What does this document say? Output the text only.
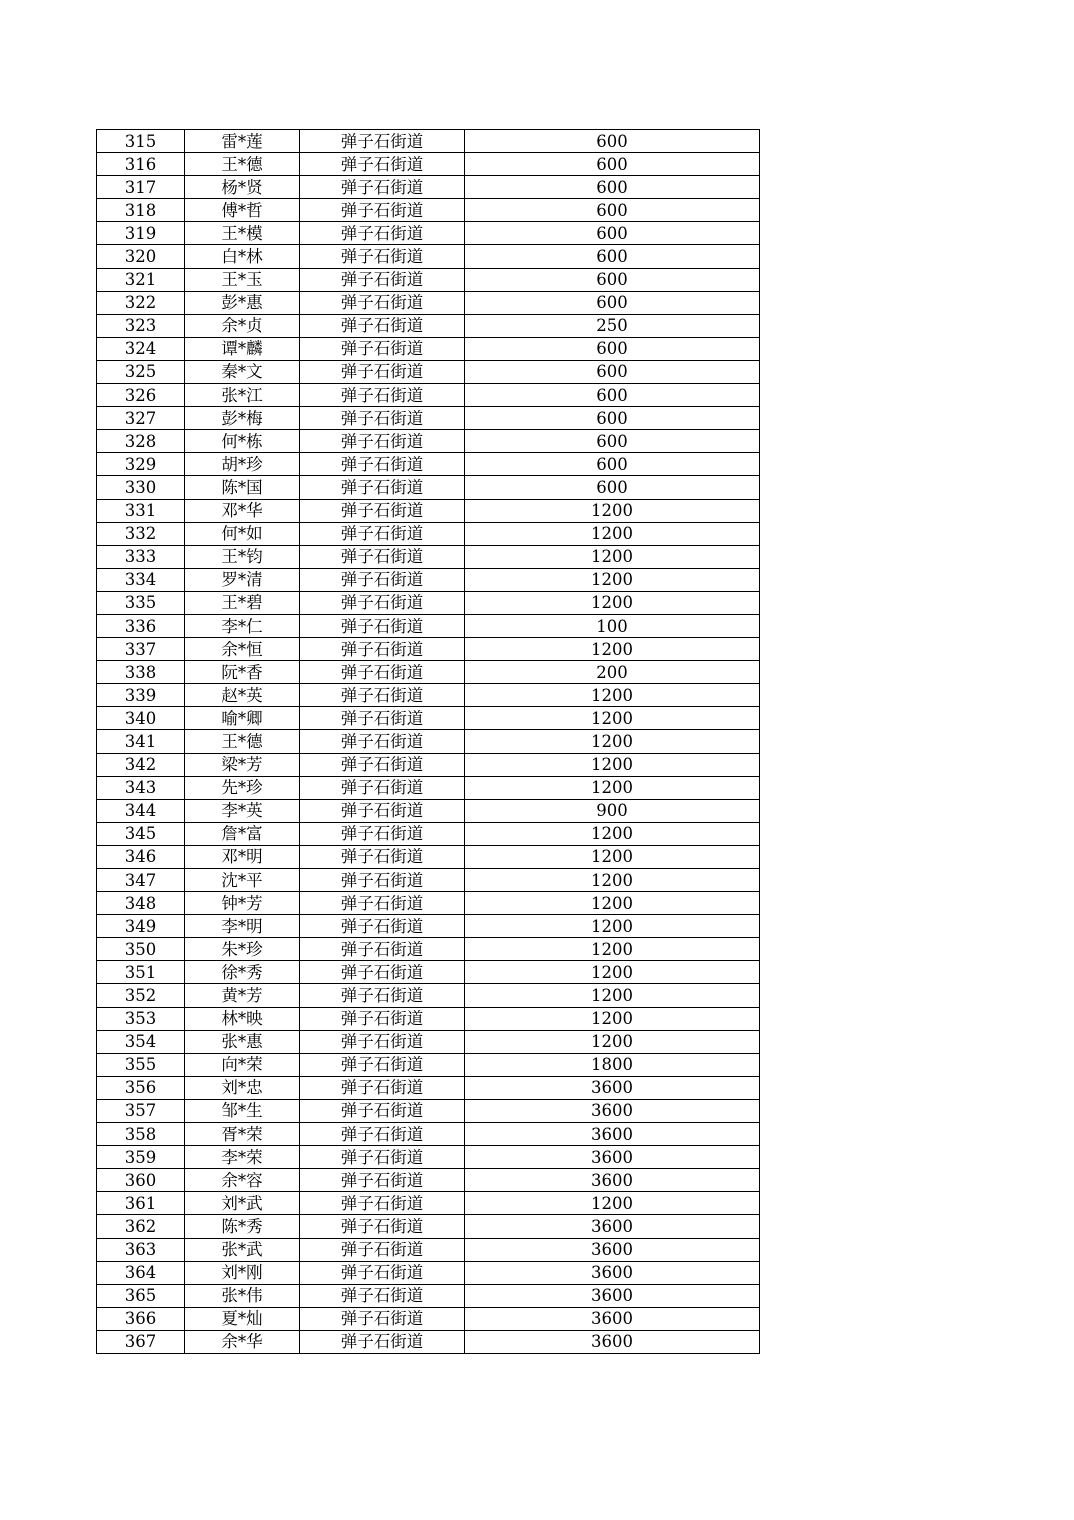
315	雷*莲	弹子石街道	600
316	王*德	弹子石街道	600
317	杨*贤	弹子石街道	600
318	傅*哲	弹子石街道	600
319	王*模	弹子石街道	600
320	白*林	弹子石街道	600
321	王*玉	弹子石街道	600
322	彭*惠	弹子石街道	600
323	余*贞	弹子石街道	250
324	谭*麟	弹子石街道	600
325	秦*文	弹子石街道	600
326	张*江	弹子石街道	600
327	彭*梅	弹子石街道	600
328	何*栋	弹子石街道	600
329	胡*珍	弹子石街道	600
330	陈*国	弹子石街道	600
331	邓*华	弹子石街道	1200
332	何*如	弹子石街道	1200
333	王*钧	弹子石街道	1200
334	罗*清	弹子石街道	1200
335	王*碧	弹子石街道	1200
336	李*仁	弹子石街道	100
337	余*恒	弹子石街道	1200
338	阮*香	弹子石街道	200
339	赵*英	弹子石街道	1200
340	喻*卿	弹子石街道	1200
341	王*德	弹子石街道	1200
342	梁*芳	弹子石街道	1200
343	先*珍	弹子石街道	1200
344	李*英	弹子石街道	900
345	詹*富	弹子石街道	1200
346	邓*明	弹子石街道	1200
347	沈*平	弹子石街道	1200
348	钟*芳	弹子石街道	1200
349	李*明	弹子石街道	1200
350	朱*珍	弹子石街道	1200
351	徐*秀	弹子石街道	1200
352	黄*芳	弹子石街道	1200
353	林*映	弹子石街道	1200
354	张*惠	弹子石街道	1200
355	向*荣	弹子石街道	1800
356	刘*忠	弹子石街道	3600
357	邹*生	弹子石街道	3600
358	胥*荣	弹子石街道	3600
359	李*荣	弹子石街道	3600
360	余*容	弹子石街道	3600
361	刘*武	弹子石街道	1200
362	陈*秀	弹子石街道	3600
363	张*武	弹子石街道	3600
364	刘*刚	弹子石街道	3600
365	张*伟	弹子石街道	3600
366	夏*灿	弹子石街道	3600
367	余*华	弹子石街道	3600
